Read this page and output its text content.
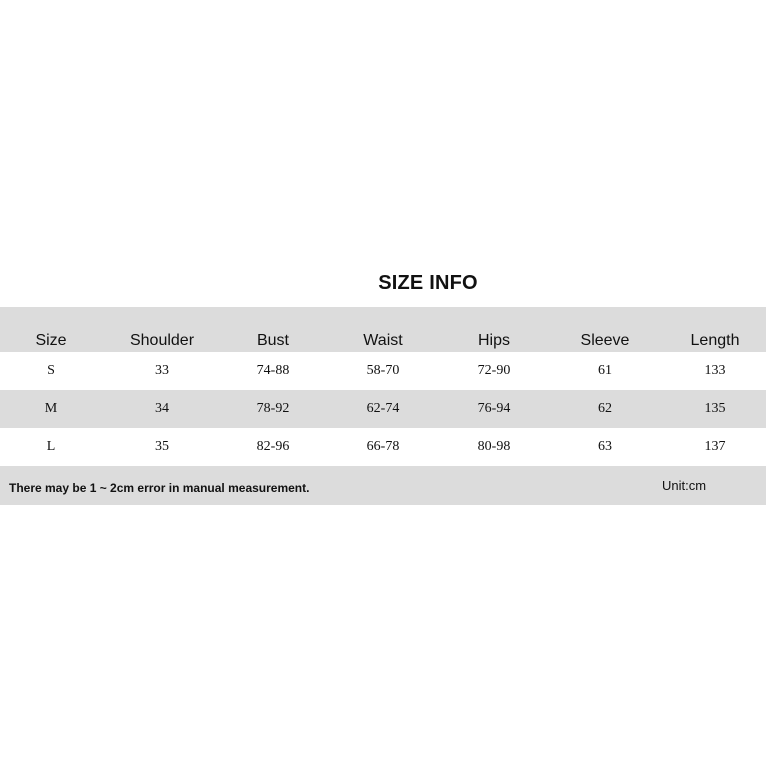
SIZE INFO
Size	Shoulder	Bust	Waist	Hips	Sleeve	Length
S	33	74-88	58-70	72-90	61	133
M	34	78-92	62-74	76-94	62	135
L	35	82-96	66-78	80-98	63	137
There may be 1 ~ 2cm error in manual measurement.	Unit:cm
